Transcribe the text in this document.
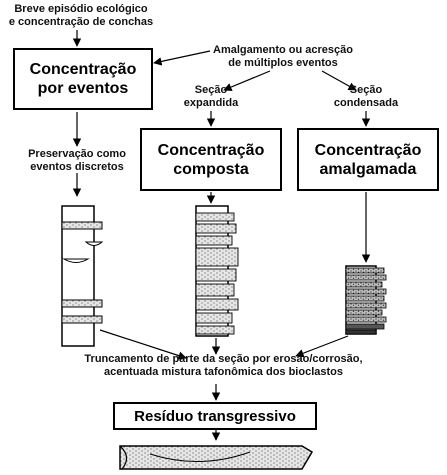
Breve episódio ecológico
e concentração de conchas
Amalgamento ou acresção
de múltiplos eventos
Concentração
por eventos	Seção
expandida
Seção
condensada
Preservação como
eventos discretos
Concentração
composta
Concentração
amalgamada
Truncamento de parte da seção por erosão/corrosão,
acentuada mistura tafonômica dos bioclastos
Resíduo transgressivo
